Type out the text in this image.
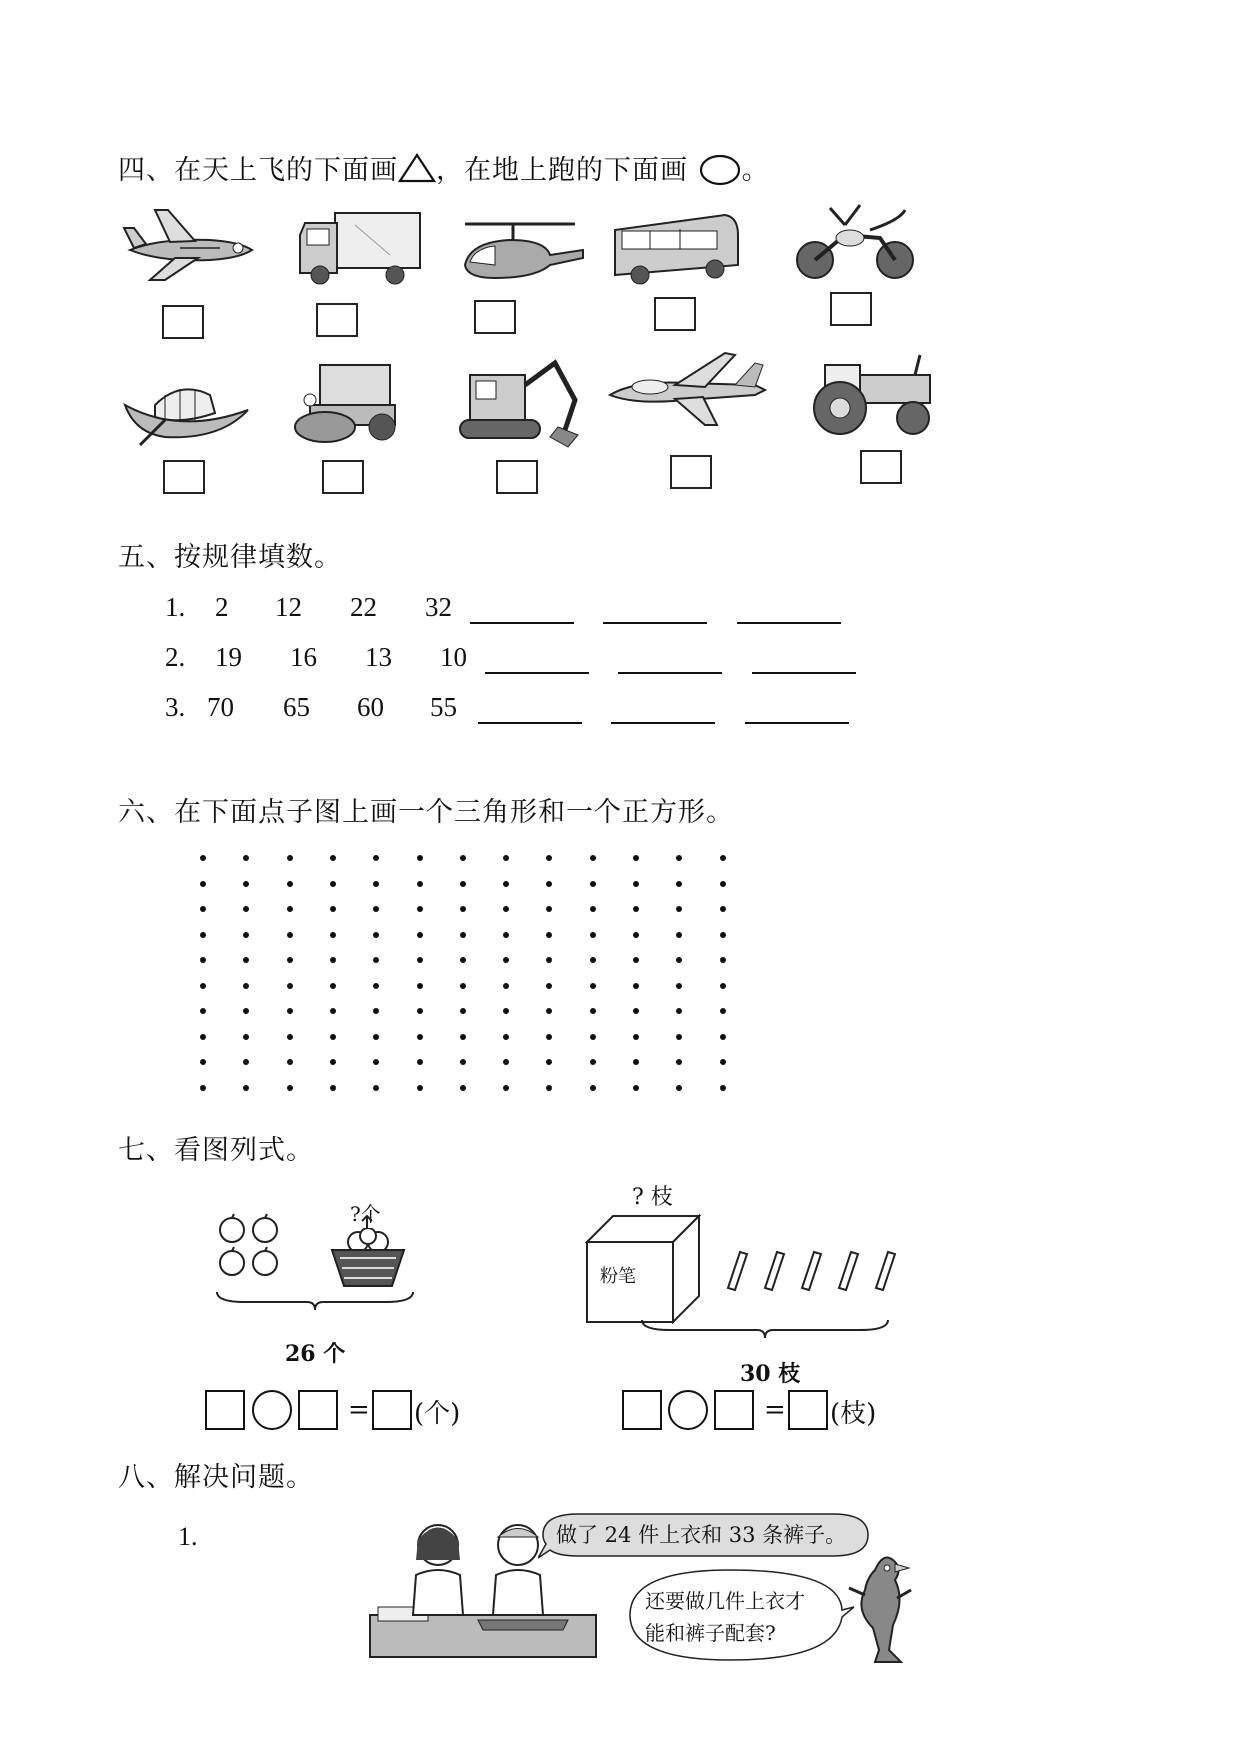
四、在天上飞的下面画 ，在地上跑的下面画 。
五、按规律填数。
1. 2 12 22 32
2. 19 16 13 10
3. 70 65 60 55
六、在下面点子图上画一个三角形和一个正方形。
七、看图列式。
?个
26 个
= (个)
? 枝
粉笔
30 枝
= (枝)
八、解决问题。
1.	做了 24 件上衣和 33 条裤子。
还要做几件上衣才
能和裤子配套?
